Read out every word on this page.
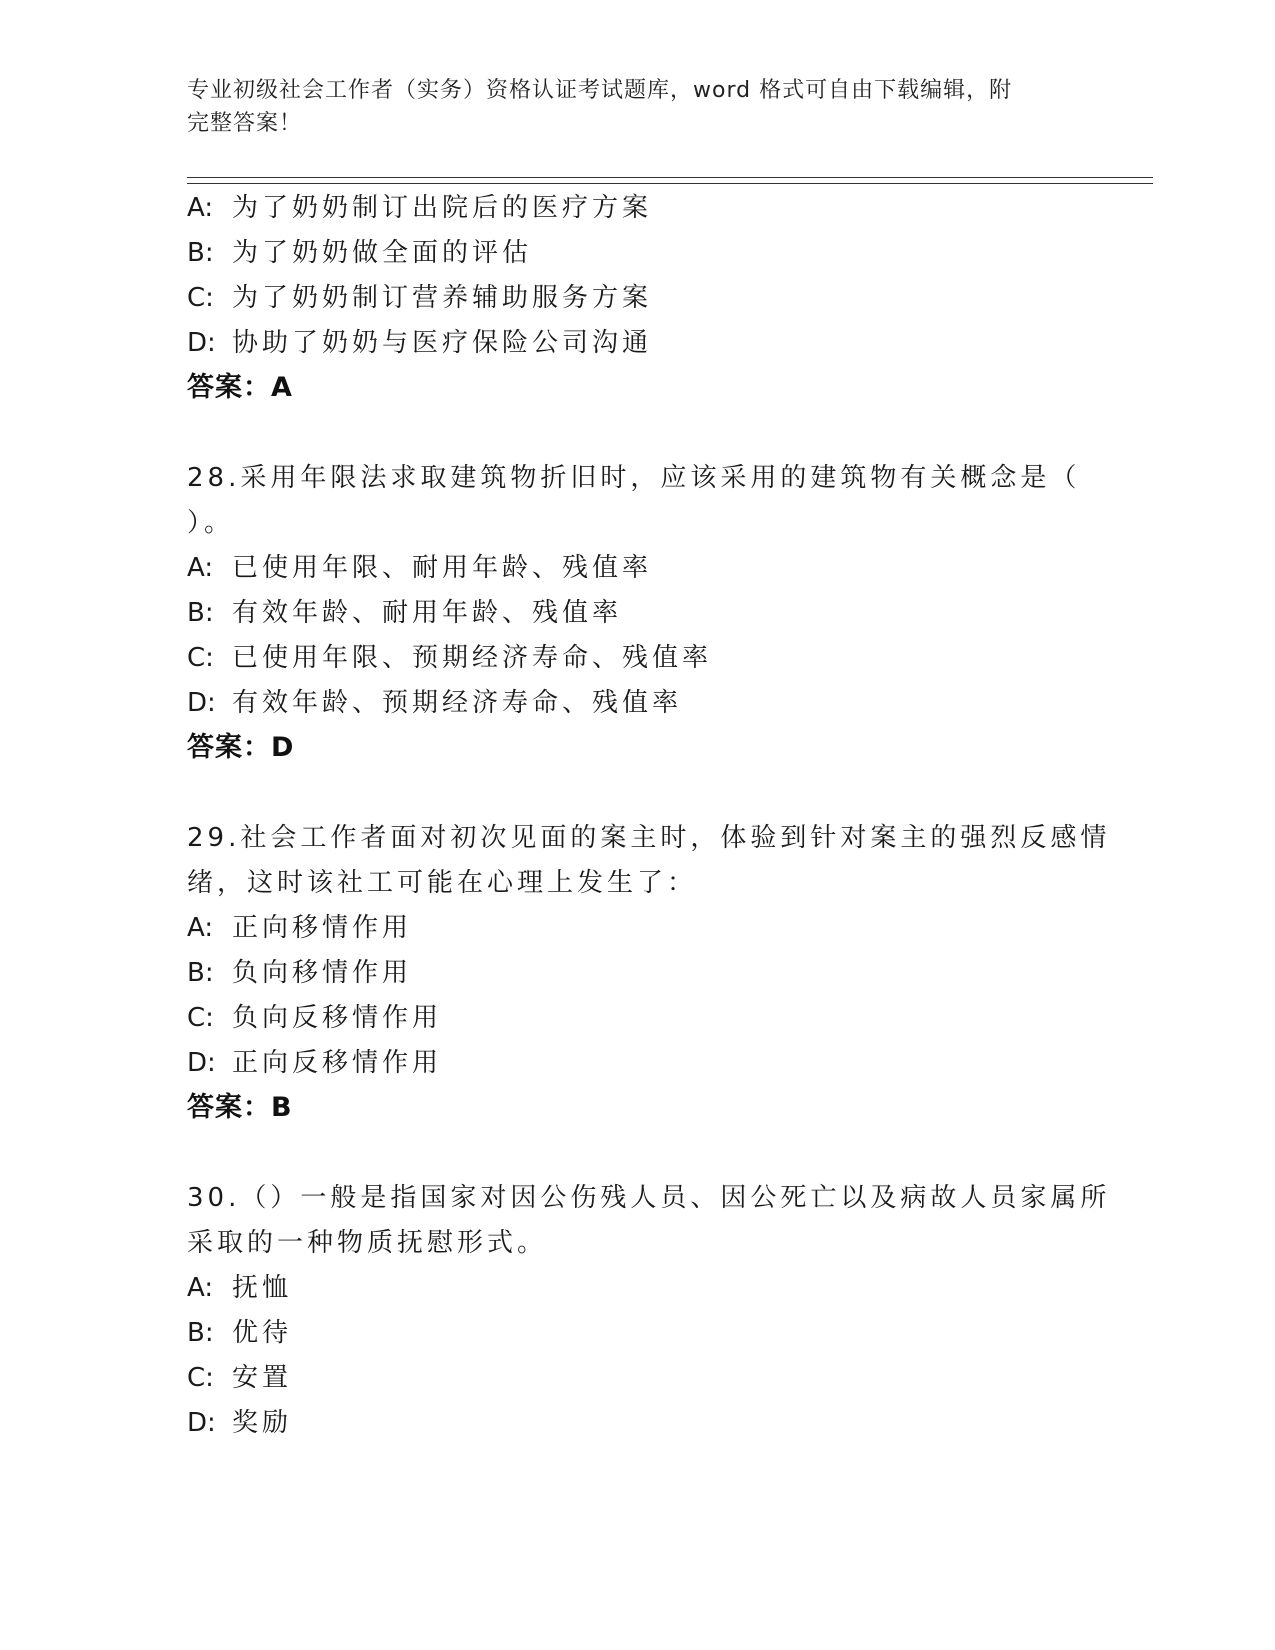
专业初级社会工作者（实务）资格认证考试题库，word 格式可自由下载编辑，附
完整答案！
A: 为了奶奶制订出院后的医疗方案
B: 为了奶奶做全面的评估
C: 为了奶奶制订营养辅助服务方案
D: 协助了奶奶与医疗保险公司沟通
答案：A
28.采用年限法求取建筑物折旧时，应该采用的建筑物有关概念是（
）。
A: 已使用年限、耐用年龄、残值率
B: 有效年龄、耐用年龄、残值率
C: 已使用年限、预期经济寿命、残值率
D: 有效年龄、预期经济寿命、残值率
答案：D
29.社会工作者面对初次见面的案主时，体验到针对案主的强烈反感情
绪，这时该社工可能在心理上发生了：
A: 正向移情作用
B: 负向移情作用
C: 负向反移情作用
D: 正向反移情作用
答案：B
30.（）一般是指国家对因公伤残人员、因公死亡以及病故人员家属所
采取的一种物质抚慰形式。
A: 抚恤
B: 优待
C: 安置
D: 奖励
